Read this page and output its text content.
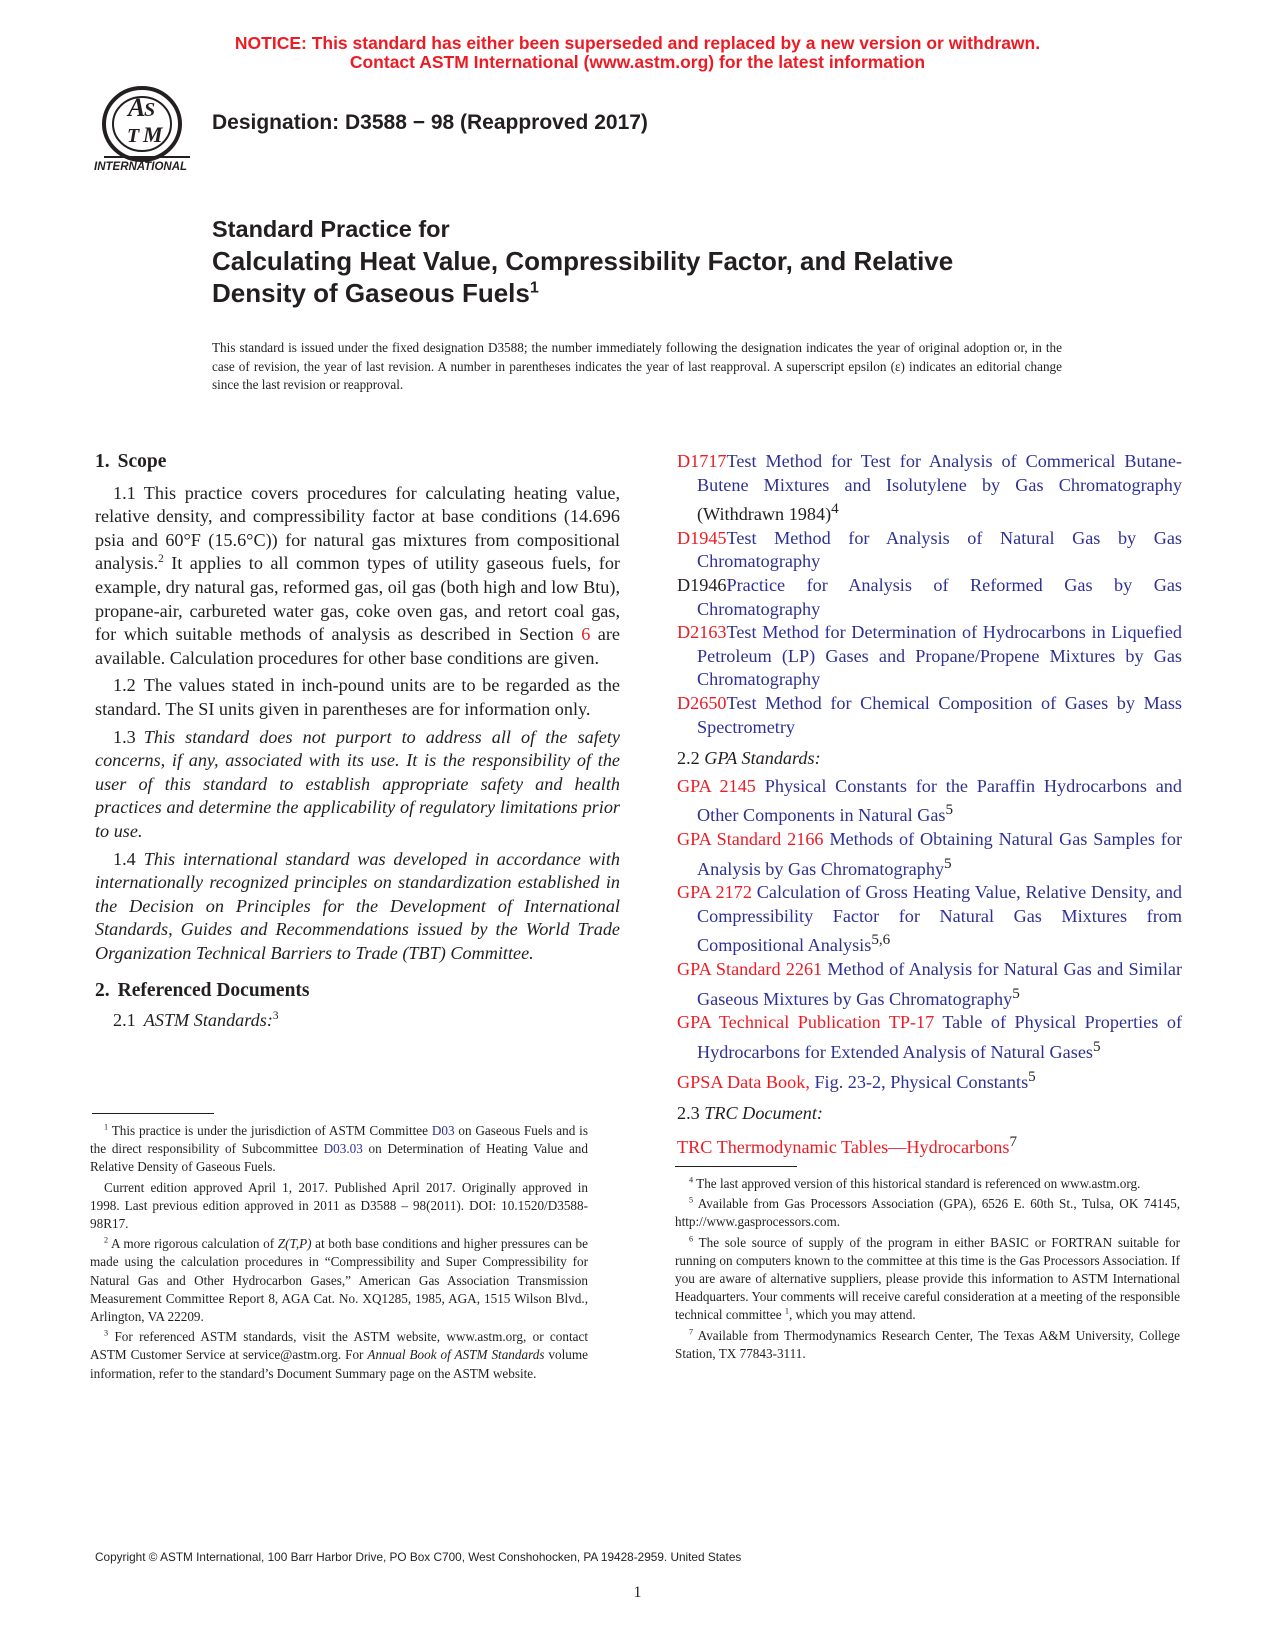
NOTICE: This standard has either been superseded and replaced by a new version or withdrawn.
Contact ASTM International (www.astm.org) for the latest information
A
S
T M
INTERNATIONAL
Designation: D3588 − 98 (Reapproved 2017)
Standard Practice for
Calculating Heat Value, Compressibility Factor, and Relative
Density of Gaseous Fuels$^1$
This standard is issued under the fixed designation D3588; the number immediately following the designation indicates the year of original adoption or, in the case of revision, the year of last revision. A number in parentheses indicates the year of last reapproval. A superscript epsilon (ε) indicates an editorial change since the last revision or reapproval.
1. Scope

1.1 This practice covers procedures for calculating heating value, relative density, and compressibility factor at base conditions (14.696 psia and 60°F (15.6°C)) for natural gas mixtures from compositional analysis.$^2$ It applies to all common types of utility gaseous fuels, for example, dry natural gas, reformed gas, oil gas (both high and low Btu), propane-air, carbureted water gas, coke oven gas, and retort coal gas, for which suitable methods of analysis as described in Section 6 are available. Calculation procedures for other base conditions are given.

1.2 The values stated in inch-pound units are to be regarded as the standard. The SI units given in parentheses are for information only.

1.3 This standard does not purport to address all of the safety concerns, if any, associated with its use. It is the responsibility of the user of this standard to establish appropriate safety and health practices and determine the applicability of regulatory limitations prior to use.

1.4 This international standard was developed in accordance with internationally recognized principles on standardization established in the Decision on Principles for the Development of International Standards, Guides and Recommendations issued by the World Trade Organization Technical Barriers to Trade (TBT) Committee.

2. Referenced Documents

2.1 ASTM Standards:$^3$

$^1$ This practice is under the jurisdiction of ASTM Committee D03 on Gaseous Fuels and is the direct responsibility of Subcommittee D03.03 on Determination of Heating Value and Relative Density of Gaseous Fuels.

Current edition approved April 1, 2017. Published April 2017. Originally approved in 1998. Last previous edition approved in 2011 as D3588 – 98(2011). DOI: 10.1520/D3588-98R17.

$^2$ A more rigorous calculation of Z(T,P) at both base conditions and higher pressures can be made using the calculation procedures in “Compressibility and Super Compressibility for Natural Gas and Other Hydrocarbon Gases,” American Gas Association Transmission Measurement Committee Report 8, AGA Cat. No. XQ1285, 1985, AGA, 1515 Wilson Blvd., Arlington, VA 22209.

$^3$ For referenced ASTM standards, visit the ASTM website, www.astm.org, or contact ASTM Customer Service at service@astm.org. For Annual Book of ASTM Standards volume information, refer to the standard’s Document Summary page on the ASTM website.

D1717Test Method for Test for Analysis of Commerical Butane-Butene Mixtures and Isolutylene by Gas Chromatography (Withdrawn 1984)$^4$
D1945Test Method for Analysis of Natural Gas by Gas Chromatography
D1946Practice for Analysis of Reformed Gas by Gas Chromatography
D2163Test Method for Determination of Hydrocarbons in Liquefied Petroleum (LP) Gases and Propane/Propene Mixtures by Gas Chromatography
D2650Test Method for Chemical Composition of Gases by Mass Spectrometry
2.2 GPA Standards:
GPA 2145 Physical Constants for the Paraffin Hydrocarbons and Other Components in Natural Gas$^5$
GPA Standard 2166 Methods of Obtaining Natural Gas Samples for Analysis by Gas Chromatography$^5$
GPA 2172 Calculation of Gross Heating Value, Relative Density, and Compressibility Factor for Natural Gas Mixtures from Compositional Analysis$^{5,6}$
GPA Standard 2261 Method of Analysis for Natural Gas and Similar Gaseous Mixtures by Gas Chromatography$^5$
GPA Technical Publication TP-17 Table of Physical Properties of Hydrocarbons for Extended Analysis of Natural Gases$^5$
GPSA Data Book, Fig. 23-2, Physical Constants$^5$
2.3 TRC Document:
TRC Thermodynamic Tables—Hydrocarbons$^7$

$^4$ The last approved version of this historical standard is referenced on www.astm.org.

$^5$ Available from Gas Processors Association (GPA), 6526 E. 60th St., Tulsa, OK 74145, http://www.gasprocessors.com.

$^6$ The sole source of supply of the program in either BASIC or FORTRAN suitable for running on computers known to the committee at this time is the Gas Processors Association. If you are aware of alternative suppliers, please provide this information to ASTM International Headquarters. Your comments will receive careful consideration at a meeting of the responsible technical committee $^1$, which you may attend.

$^7$ Available from Thermodynamics Research Center, The Texas A&M University, College Station, TX 77843-3111.

Copyright © ASTM International, 100 Barr Harbor Drive, PO Box C700, West Conshohocken, PA 19428-2959. United States
1
